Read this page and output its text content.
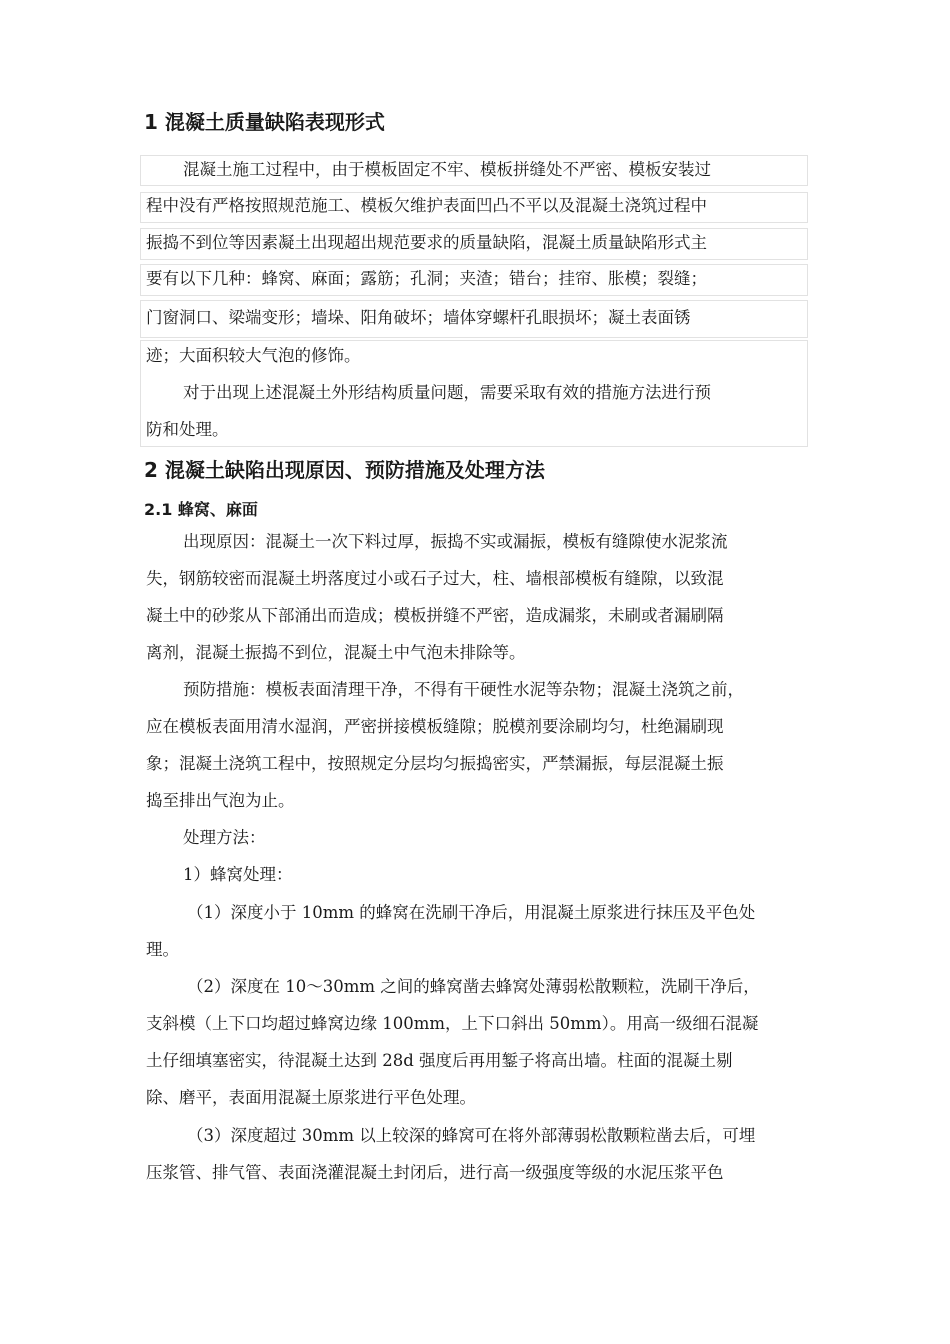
1 混凝土质量缺陷表现形式
混凝土施工过程中，由于模板固定不牢、模板拼缝处不严密、模板安装过
程中没有严格按照规范施工、模板欠维护表面凹凸不平以及混凝土浇筑过程中
振捣不到位等因素凝土出现超出规范要求的质量缺陷，混凝土质量缺陷形式主
要有以下几种：蜂窝、麻面；露筋；孔洞；夹渣；错台；挂帘、胀模；裂缝；
门窗洞口、梁端变形；墙垛、阳角破坏；墙体穿螺杆孔眼损坏；凝土表面锈
迹；大面积较大气泡的修饰。
对于出现上述混凝土外形结构质量问题，需要采取有效的措施方法进行预
防和处理。
2 混凝土缺陷出现原因、预防措施及处理方法
2.1 蜂窝、麻面
出现原因：混凝土一次下料过厚，振捣不实或漏振，模板有缝隙使水泥浆流
失，钢筋较密而混凝土坍落度过小或石子过大，柱、墙根部模板有缝隙，以致混
凝土中的砂浆从下部涌出而造成；模板拼缝不严密，造成漏浆，未刷或者漏刷隔
离剂，混凝土振捣不到位，混凝土中气泡未排除等。
预防措施：模板表面清理干净，不得有干硬性水泥等杂物；混凝土浇筑之前，
应在模板表面用清水湿润，严密拼接模板缝隙；脱模剂要涂刷均匀，杜绝漏刷现
象；混凝土浇筑工程中，按照规定分层均匀振捣密实，严禁漏振，每层混凝土振
捣至排出气泡为止。
处理方法：
1）蜂窝处理：
（1）深度小于 10mm 的蜂窝在洗刷干净后，用混凝土原浆进行抹压及平色处
理。
（2）深度在 10～30mm 之间的蜂窝凿去蜂窝处薄弱松散颗粒，洗刷干净后，
支斜模（上下口均超过蜂窝边缘 100mm，上下口斜出 50mm）。用高一级细石混凝
土仔细填塞密实，待混凝土达到 28d 强度后再用錾子将高出墙。柱面的混凝土剔
除、磨平，表面用混凝土原浆进行平色处理。
（3）深度超过 30mm 以上较深的蜂窝可在将外部薄弱松散颗粒凿去后，可埋
压浆管、排气管、表面浇灌混凝土封闭后，进行高一级强度等级的水泥压浆平色
